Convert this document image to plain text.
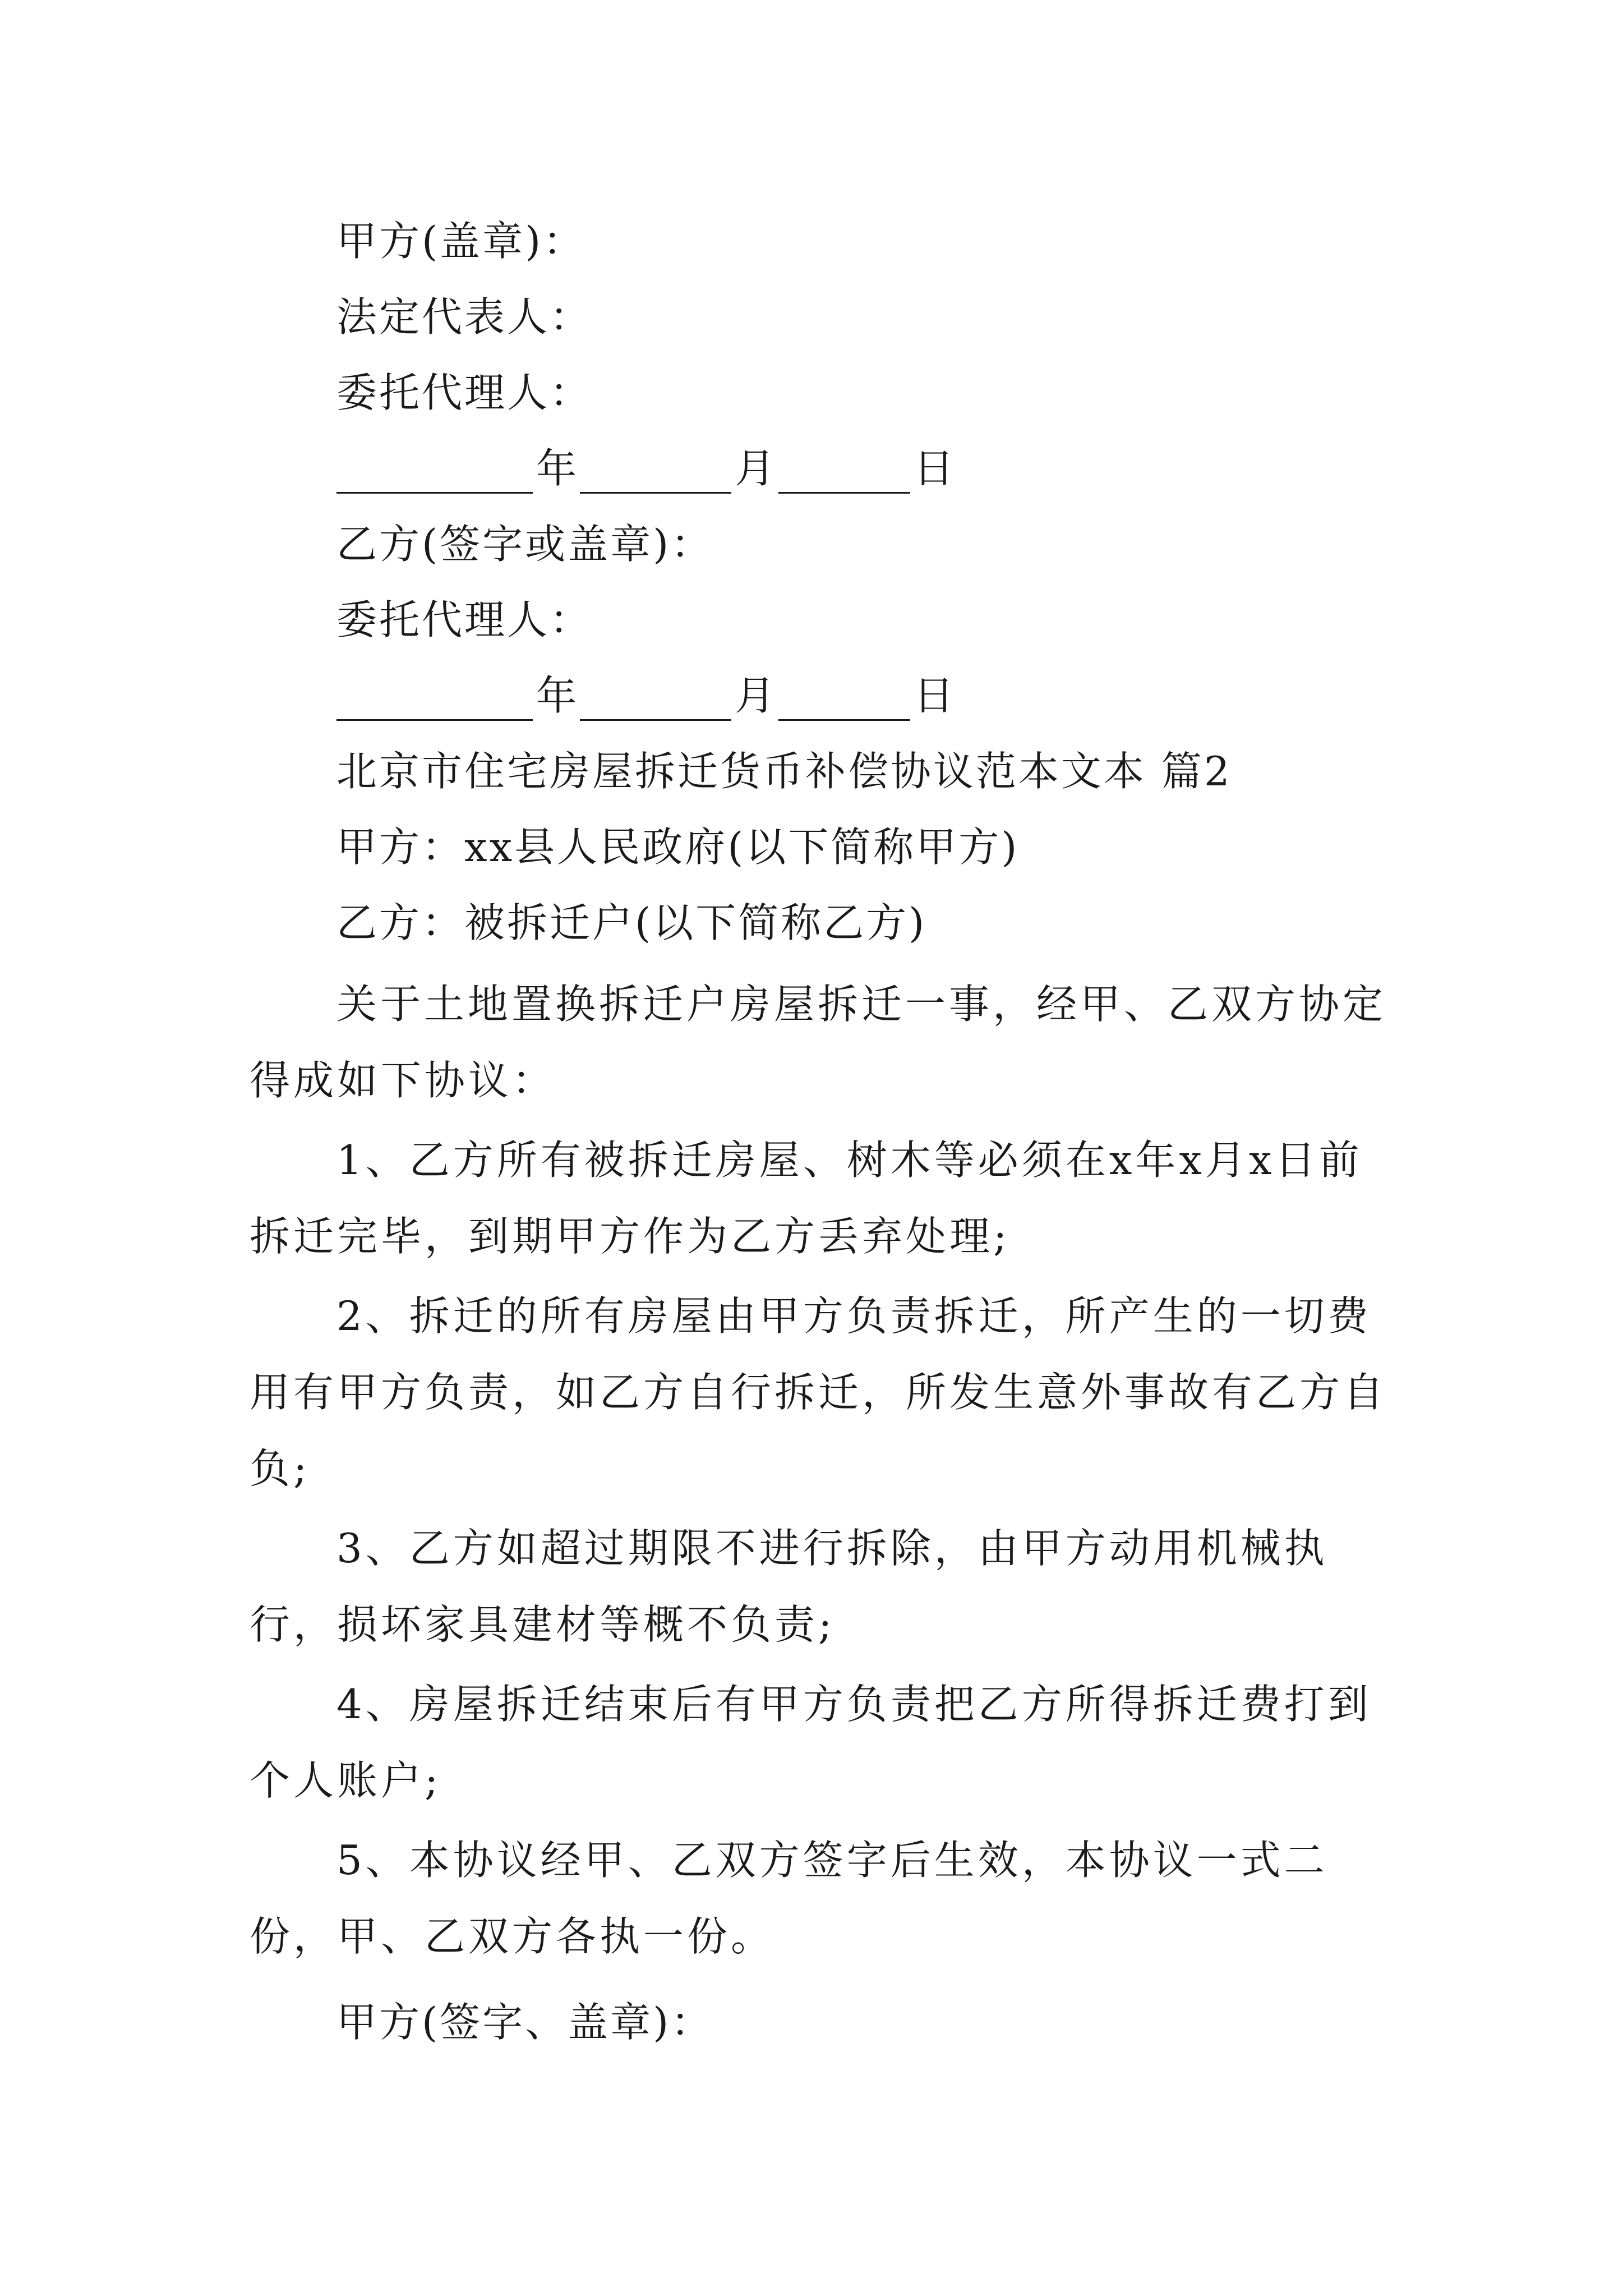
甲方(盖章)：
法定代表人：
委托代理人：
年	月	日
乙方(签字或盖章)：
委托代理人：
年	月	日
北京市住宅房屋拆迁货币补偿协议范本文本 篇2
甲方：xx县人民政府(以下简称甲方)
乙方：被拆迁户(以下简称乙方)

关于土地置换拆迁户房屋拆迁一事，经甲、乙双方协定得成如下协议：

1、乙方所有被拆迁房屋、树木等必须在x年x月x日前拆迁完毕，到期甲方作为乙方丢弃处理;

2、拆迁的所有房屋由甲方负责拆迁，所产生的一切费用有甲方负责，如乙方自行拆迁，所发生意外事故有乙方自负;

3、乙方如超过期限不进行拆除，由甲方动用机械执行，损坏家具建材等概不负责;

4、房屋拆迁结束后有甲方负责把乙方所得拆迁费打到个人账户;

5、本协议经甲、乙双方签字后生效，本协议一式二份，甲、乙双方各执一份。

甲方(签字、盖章)：
